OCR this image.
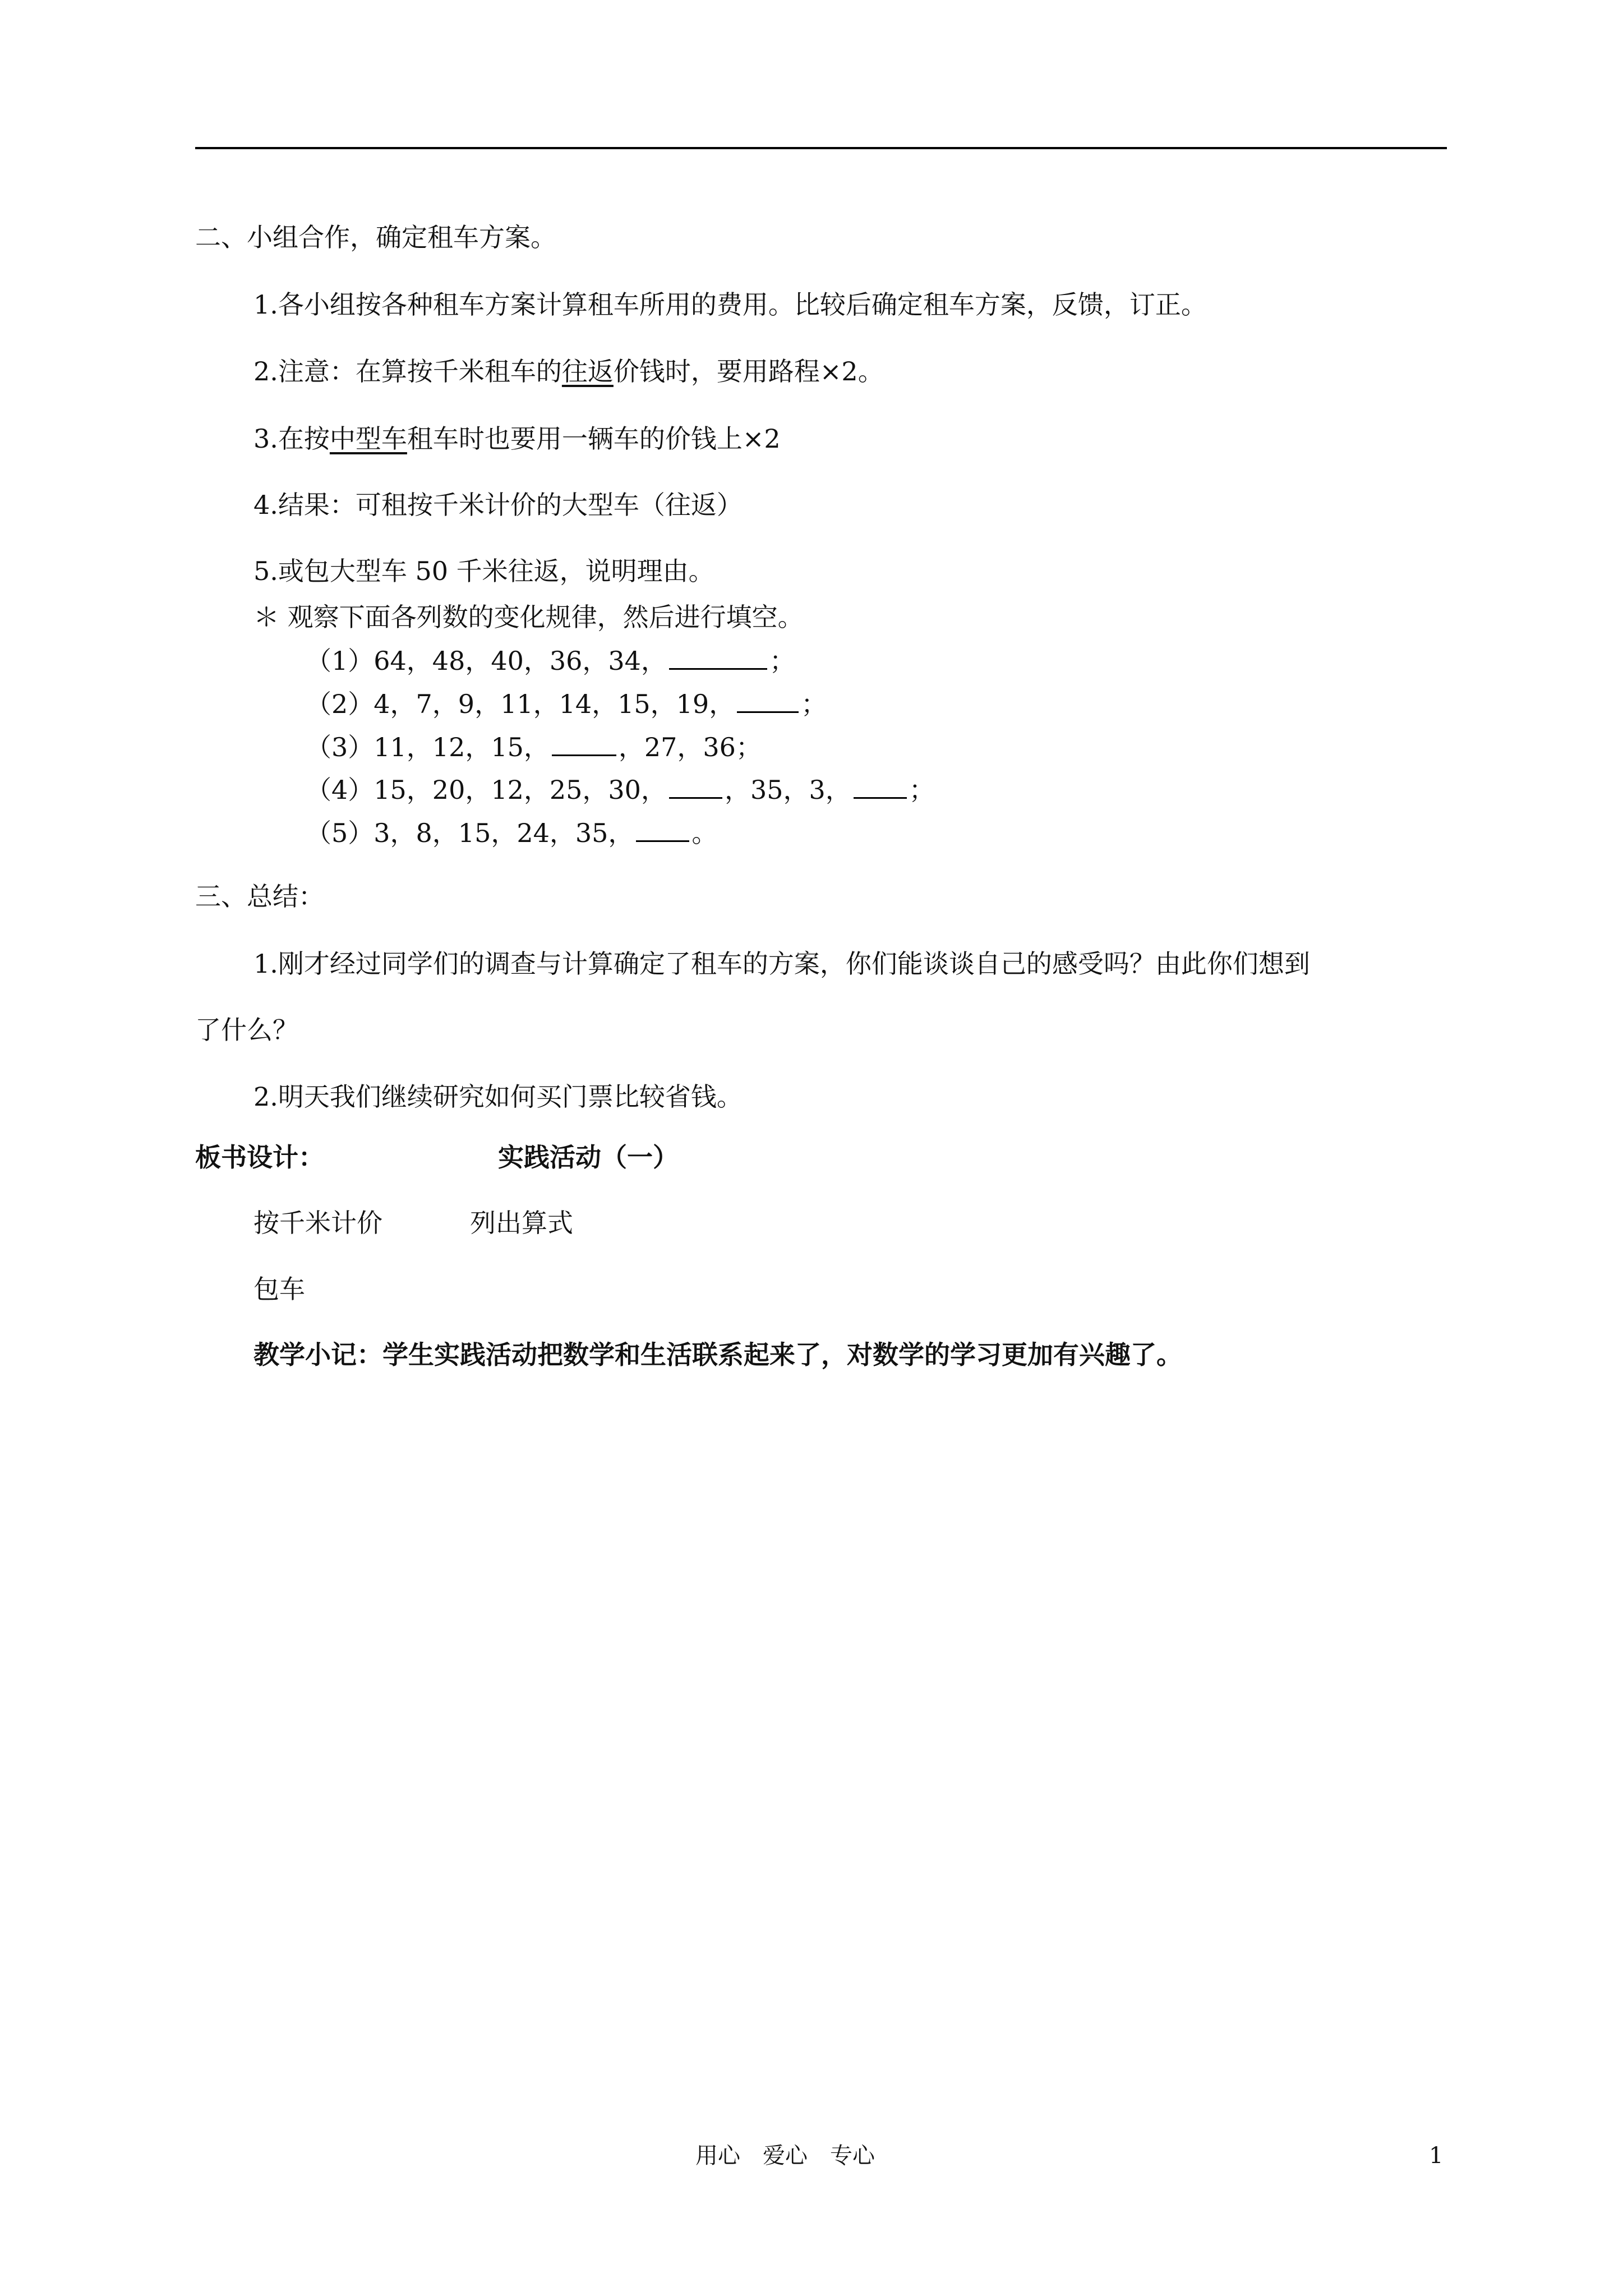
二、小组合作，确定租车方案。
1.各小组按各种租车方案计算租车所用的费用。比较后确定租车方案，反馈，订正。
2.注意：在算按千米租车的往返价钱时，要用路程×2。
3.在按中型车租车时也要用一辆车的价钱上×2
4.结果：可租按千米计价的大型车（往返）
5.或包大型车 50 千米往返，说明理由。
＊ 观察下面各列数的变化规律，然后进行填空。
（1）64，48，40，36，34，	；
（2）4，7，9，11，14，15，19，	；
（3）11，12，15，	，27，36；
（4）15，20，12，25，30， ，35，3， ；
（5）3，8，15，24，35， 。
三、总结：
1.刚才经过同学们的调查与计算确定了租车的方案，你们能谈谈自己的感受吗？由此你们想到
了什么？
2.明天我们继续研究如何买门票比较省钱。
板书设计：	实践活动（一）
按千米计价	列出算式
包车
教学小记：学生实践活动把数学和生活联系起来了，对数学的学习更加有兴趣了。
用心　爱心　专心	1
